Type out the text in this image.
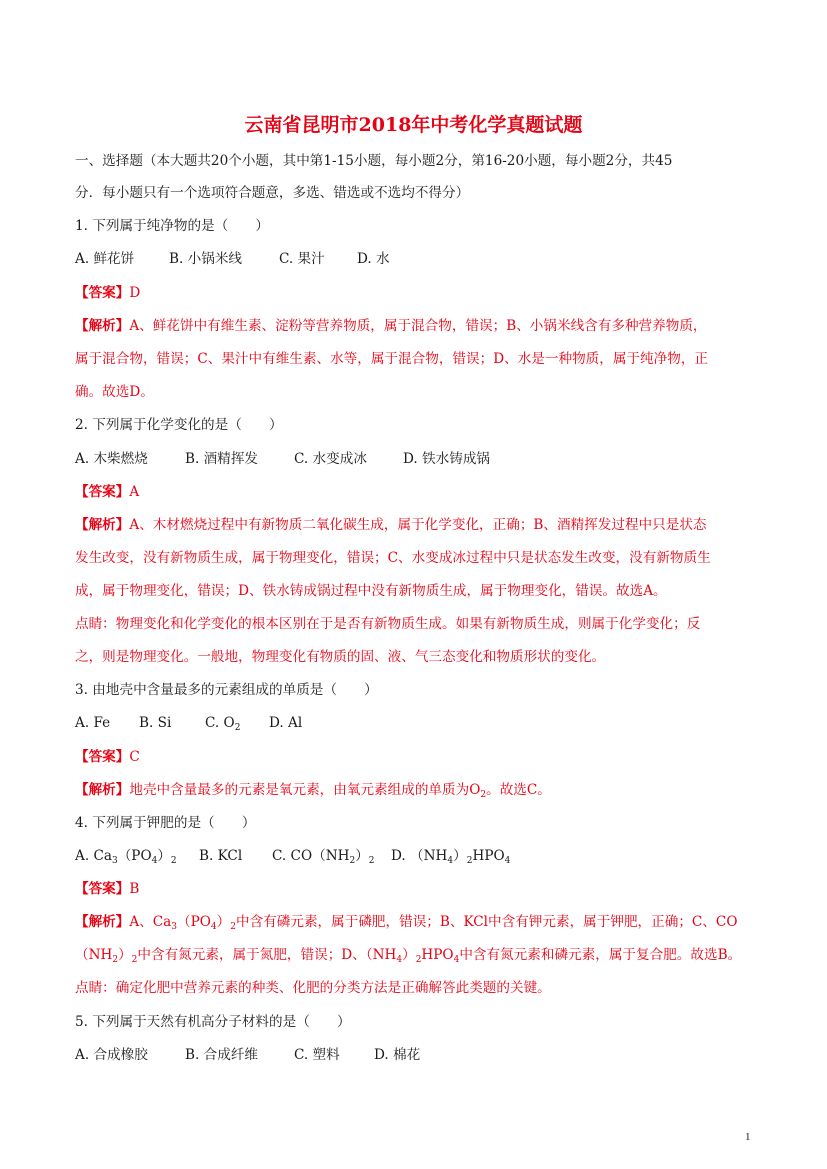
云南省昆明市2018年中考化学真题试题
一、选择题（本大题共20个小题，其中第1-15小题，每小题2分，第16-20小题，每小题2分，共45
分．每小题只有一个选项符合题意，多选、错选或不选均不得分）
1. 下列属于纯净物的是（　　）
A. 鲜花饼	B. 小锅米线	C. 果汁 D. 水
【答案】D
【解析】A、鲜花饼中有维生素、淀粉等营养物质，属于混合物，错误；B、小锅米线含有多种营养物质，
属于混合物，错误；C、果汁中有维生素、水等，属于混合物，错误；D、水是一种物质，属于纯净物，正
确。故选D。
2. 下列属于化学变化的是（　　）
A. 木柴燃烧	B. 酒精挥发	C. 水变成冰	D. 铁水铸成锅
【答案】A
【解析】A、木材燃烧过程中有新物质二氧化碳生成，属于化学变化，正确；B、酒精挥发过程中只是状态
发生改变，没有新物质生成，属于物理变化，错误；C、水变成冰过程中只是状态发生改变，没有新物质生
成，属于物理变化，错误；D、铁水铸成锅过程中没有新物质生成，属于物理变化，错误。故选A。
点睛：物理变化和化学变化的根本区别在于是否有新物质生成。如果有新物质生成，则属于化学变化；反
之，则是物理变化。一般地，物理变化有物质的固、液、气三态变化和物质形状的变化。
3. 由地壳中含量最多的元素组成的单质是（　　）
A. Fe B. Si C. $O_2$ D. Al
【答案】C
【解析】地壳中含量最多的元素是氧元素，由氧元素组成的单质为$O_2$。故选C。
4. 下列属于钾肥的是（　　）
A. $Ca_3(PO_4)_2$ B. KCl C. $CO(NH_2)_2$ D. $(NH_4)_2HPO_4$
【答案】B
【解析】A、$Ca_3(PO_4)_2$中含有磷元素，属于磷肥，错误；B、KCl中含有钾元素，属于钾肥，正确；C、CO
$(NH_2)_2$中含有氮元素，属于氮肥，错误；D、$(NH_4)_2HPO_4$中含有氮元素和磷元素，属于复合肥。故选B。
点睛：确定化肥中营养元素的种类、化肥的分类方法是正确解答此类题的关键。
5. 下列属于天然有机高分子材料的是（　　）
A. 合成橡胶	B. 合成纤维	C. 塑料	D. 棉花
1
